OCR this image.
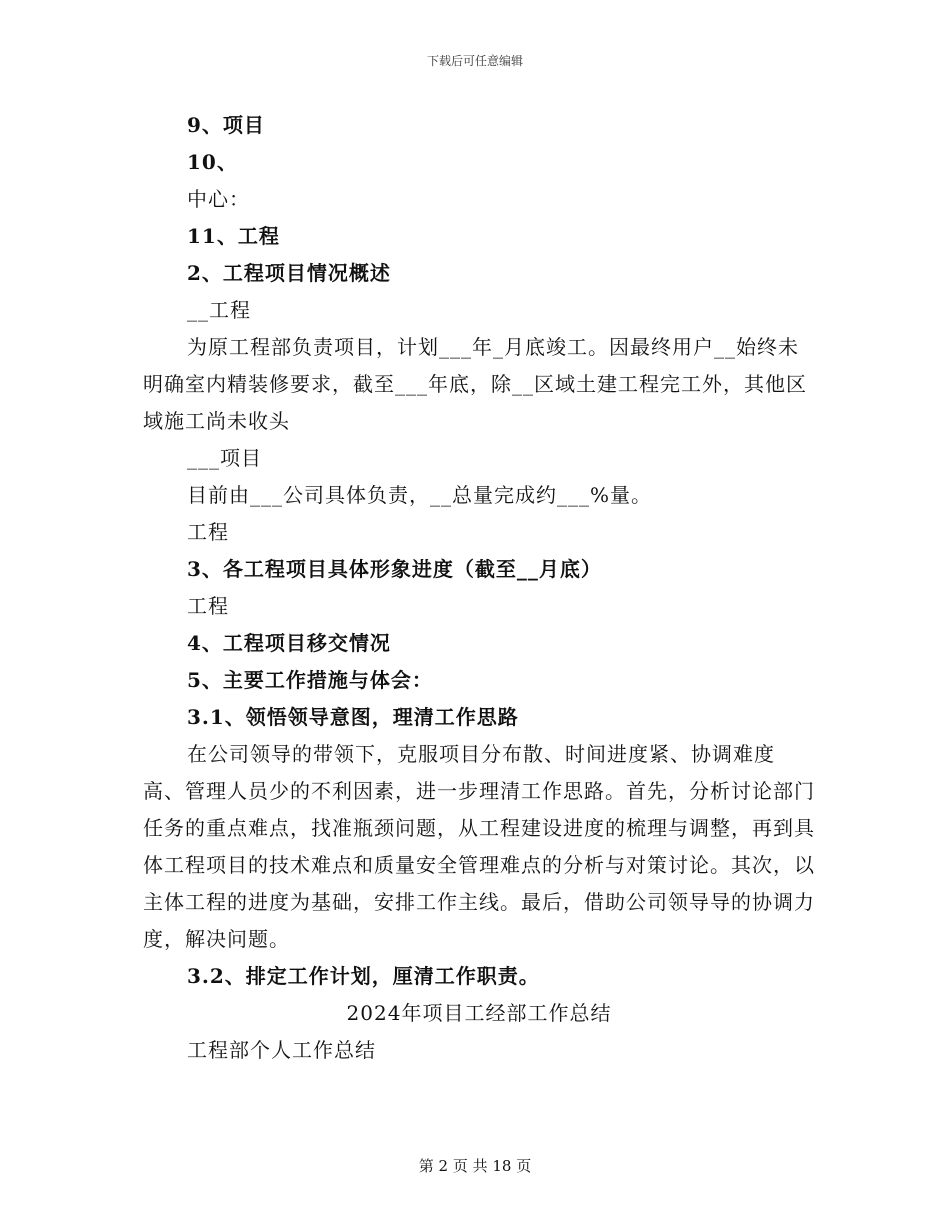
下载后可任意编辑
9、项目
10、
中心：
11、工程
2、工程项目情况概述
__工程
为原工程部负责项目，计划___年_月底竣工。因最终用户__始终未明确室内精装修要求，截至___年底，除__区域土建工程完工外，其他区域施工尚未收头
___项目
目前由___公司具体负责，__总量完成约___%量。
工程
3、各工程项目具体形象进度（截至__月底）
工程
4、工程项目移交情况
5、主要工作措施与体会：
3.1、领悟领导意图，理清工作思路
在公司领导的带领下，克服项目分布散、时间进度紧、协调难度高、管理人员少的不利因素，进一步理清工作思路。首先，分析讨论部门任务的重点难点，找准瓶颈问题，从工程建设进度的梳理与调整，再到具体工程项目的技术难点和质量安全管理难点的分析与对策讨论。其次，以主体工程的进度为基础，安排工作主线。最后，借助公司领导导的协调力度，解决问题。
3.2、排定工作计划，厘清工作职责。
2024年项目工经部工作总结
工程部个人工作总结
第 2 页 共 18 页
